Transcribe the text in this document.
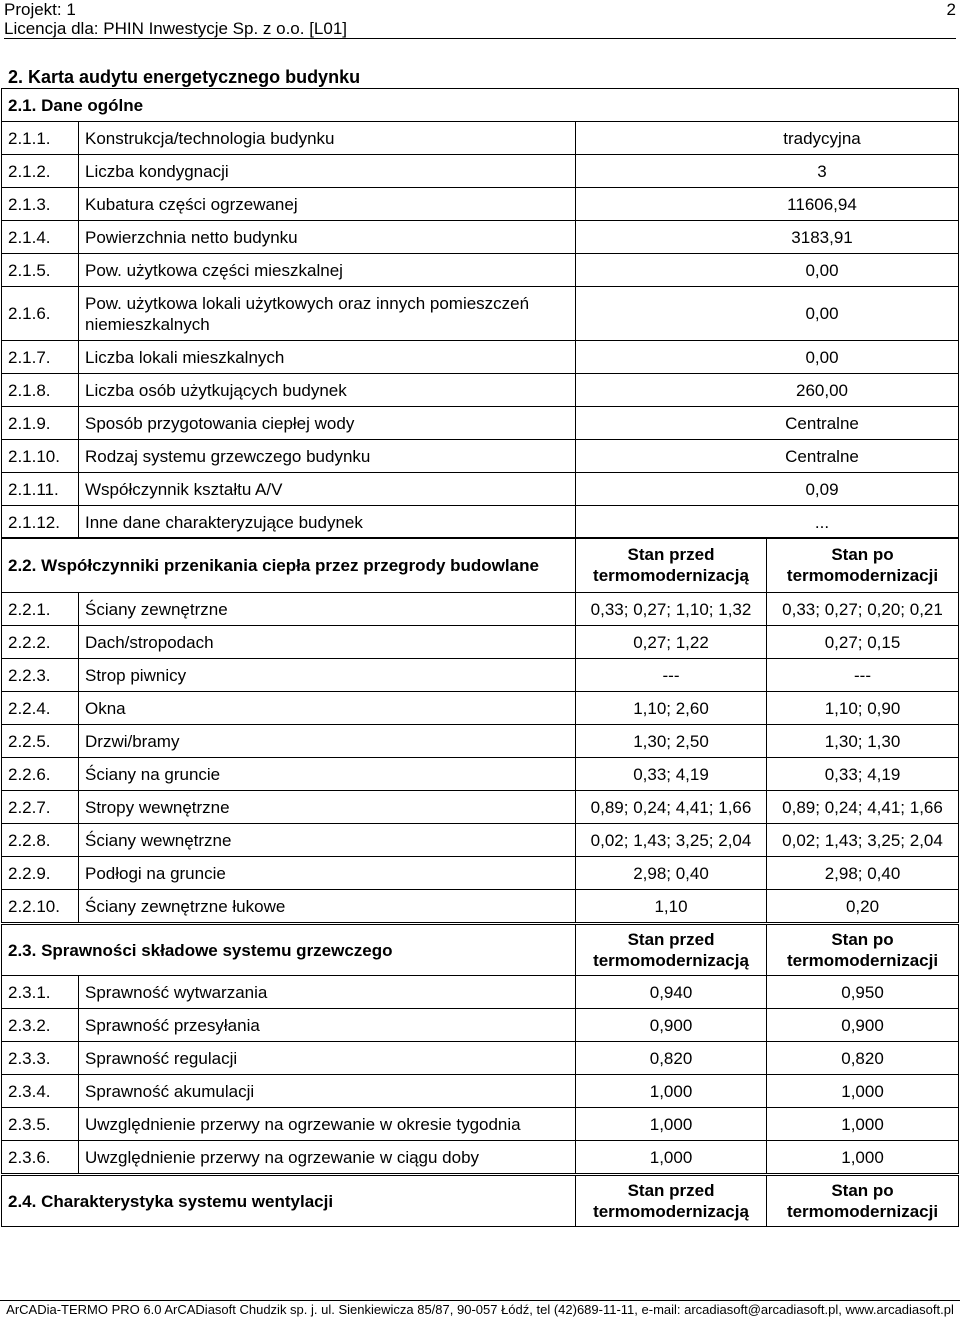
Projekt: 1
Licencja dla: PHIN Inwestycje Sp. z o.o. [L01]
2
2. Karta audytu energetycznego budynku
2.1. Dane ogólne		
2.1.1.	Konstrukcja/technologia budynku	tradycyjna
2.1.2.	Liczba kondygnacji	3
2.1.3.	Kubatura części ogrzewanej	11606,94
2.1.4.	Powierzchnia netto budynku	3183,91
2.1.5.	Pow. użytkowa części mieszkalnej	0,00
2.1.6.	Pow. użytkowa lokali użytkowych oraz innych pomieszczeń niemieszkalnych	0,00
2.1.7.	Liczba lokali mieszkalnych	0,00
2.1.8.	Liczba osób użytkujących budynek	260,00
2.1.9.	Sposób przygotowania ciepłej wody	Centralne
2.1.10.	Rodzaj systemu grzewczego budynku	Centralne
2.1.11.	Współczynnik kształtu A/V	0,09
2.1.12.	Inne dane charakteryzujące budynek	...
2.2. Współczynniki przenikania ciepła przez przegrody budowlane		Stan przed termomodernizacją	Stan po termomodernizacji
2.2.1.	Ściany zewnętrzne	0,33; 0,27; 1,10; 1,32	0,33; 0,27; 0,20; 0,21
2.2.2.	Dach/stropodach	0,27; 1,22	0,27; 0,15
2.2.3.	Strop piwnicy	---	---
2.2.4.	Okna	1,10; 2,60	1,10; 0,90
2.2.5.	Drzwi/bramy	1,30; 2,50	1,30; 1,30
2.2.6.	Ściany na gruncie	0,33; 4,19	0,33; 4,19
2.2.7.	Stropy wewnętrzne	0,89; 0,24; 4,41; 1,66	0,89; 0,24; 4,41; 1,66
2.2.8.	Ściany wewnętrzne	0,02; 1,43; 3,25; 2,04	0,02; 1,43; 3,25; 2,04
2.2.9.	Podłogi na gruncie	2,98; 0,40	2,98; 0,40
2.2.10.	Ściany zewnętrzne łukowe	1,10	0,20
2.3. Sprawności składowe systemu grzewczego		Stan przed termomodernizacją	Stan po termomodernizacji
2.3.1.	Sprawność wytwarzania	0,940	0,950
2.3.2.	Sprawność przesyłania	0,900	0,900
2.3.3.	Sprawność regulacji	0,820	0,820
2.3.4.	Sprawność akumulacji	1,000	1,000
2.3.5.	Uwzględnienie przerwy na ogrzewanie w okresie tygodnia	1,000	1,000
2.3.6.	Uwzględnienie przerwy na ogrzewanie w ciągu doby	1,000	1,000
2.4. Charakterystyka systemu wentylacji	Stan przed termomodernizacją	Stan po termomodernizacji
ArCADia-TERMO PRO 6.0 ArCADiasoft Chudzik sp. j. ul. Sienkiewicza 85/87, 90-057 Łódź, tel (42)689-11-11, e-mail: arcadiasoft@arcadiasoft.pl, www.arcadiasoft.pl
